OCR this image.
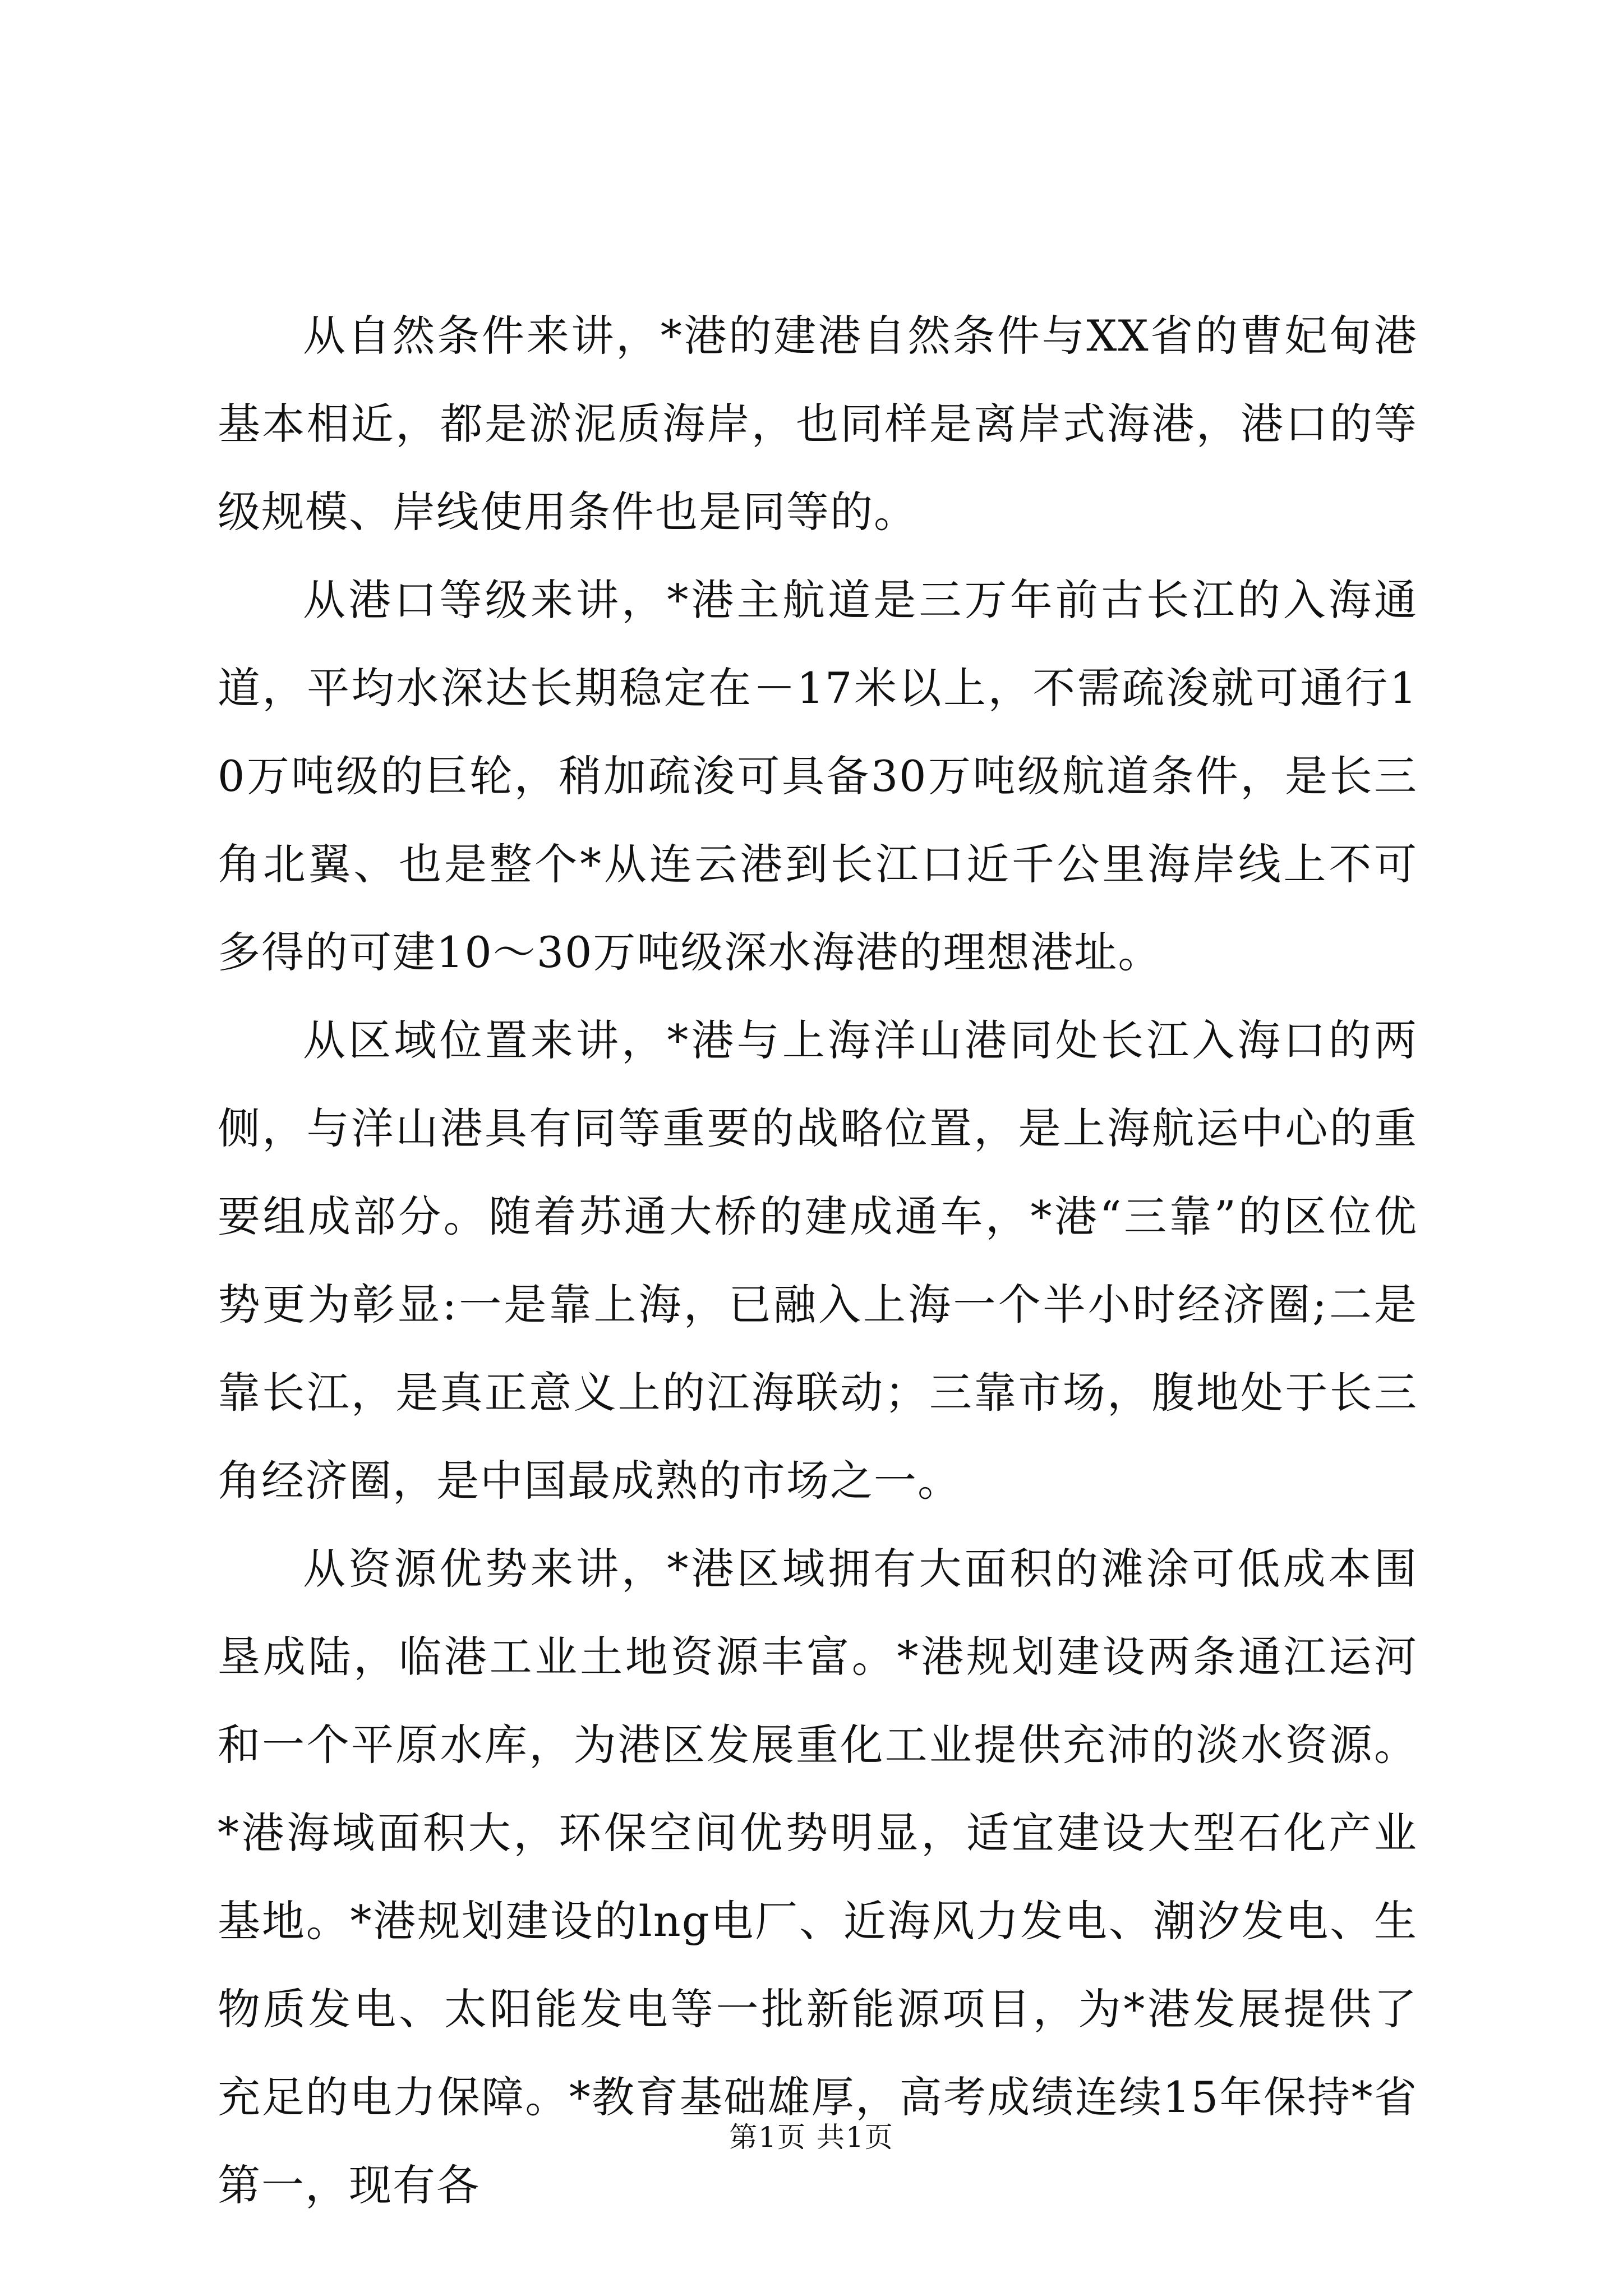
从自然条件来讲，*港的建港自然条件与XX省的曹妃甸港基本相近，都是淤泥质海岸，也同样是离岸式海港，港口的等级规模、岸线使用条件也是同等的。

从港口等级来讲，*港主航道是三万年前古长江的入海通道，平均水深达长期稳定在－17米以上，不需疏浚就可通行10万吨级的巨轮，稍加疏浚可具备30万吨级航道条件，是长三角北翼、也是整个*从连云港到长江口近千公里海岸线上不可多得的可建10～30万吨级深水海港的理想港址。

从区域位置来讲，*港与上海洋山港同处长江入海口的两侧，与洋山港具有同等重要的战略位置，是上海航运中心的重要组成部分。随着苏通大桥的建成通车，*港“三靠”的区位优势更为彰显:一是靠上海，已融入上海一个半小时经济圈;二是靠长江，是真正意义上的江海联动；三靠市场，腹地处于长三角经济圈，是中国最成熟的市场之一。

从资源优势来讲，*港区域拥有大面积的滩涂可低成本围垦成陆，临港工业土地资源丰富。*港规划建设两条通江运河和一个平原水库，为港区发展重化工业提供充沛的淡水资源。*港海域面积大，环保空间优势明显，适宜建设大型石化产业基地。*港规划建设的lng电厂、近海风力发电、潮汐发电、生物质发电、太阳能发电等一批新能源项目，为*港发展提供了充足的电力保障。*教育基础雄厚，高考成绩连续15年保持*省第一，现有各

第1页 共1页
